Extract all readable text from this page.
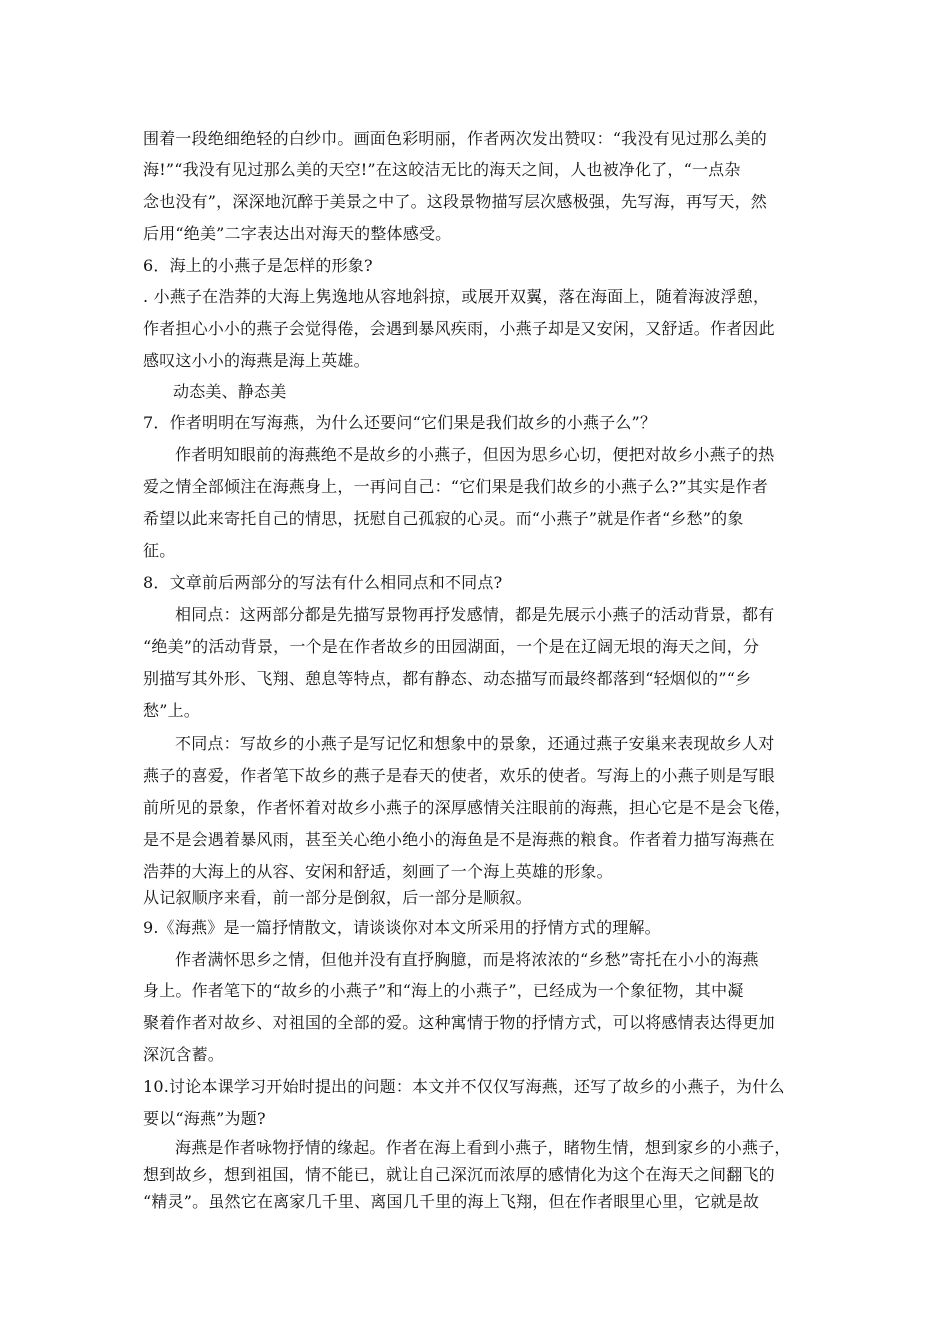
围着一段绝细绝轻的白纱巾。画面色彩明丽，作者两次发出赞叹：“我没有见过那么美的
海!”“我没有见过那么美的天空!”在这皎洁无比的海天之间，人也被净化了，“一点杂
念也没有”，深深地沉醉于美景之中了。这段景物描写层次感极强，先写海，再写天，然
后用“绝美”二字表达出对海天的整体感受。
6．海上的小燕子是怎样的形象?
. 小燕子在浩莽的大海上隽逸地从容地斜掠，或展开双翼，落在海面上，随着海波浮憩，
作者担心小小的燕子会觉得倦，会遇到暴风疾雨，小燕子却是又安闲，又舒适。作者因此
感叹这小小的海燕是海上英雄。
动态美、静态美
7．作者明明在写海燕，为什么还要问“它们果是我们故乡的小燕子么”？
作者明知眼前的海燕绝不是故乡的小燕子，但因为思乡心切，便把对故乡小燕子的热
爱之情全部倾注在海燕身上，一再问自己：“它们果是我们故乡的小燕子么?”其实是作者
希望以此来寄托自己的情思，抚慰自己孤寂的心灵。而“小燕子”就是作者“乡愁”的象
征。
8．文章前后两部分的写法有什么相同点和不同点?
相同点：这两部分都是先描写景物再抒发感情，都是先展示小燕子的活动背景，都有
“绝美”的活动背景，一个是在作者故乡的田园湖面，一个是在辽阔无垠的海天之间，分
别描写其外形、飞翔、憩息等特点，都有静态、动态描写而最终都落到“轻烟似的”“乡
愁”上。
不同点：写故乡的小燕子是写记忆和想象中的景象，还通过燕子安巢来表现故乡人对
燕子的喜爱，作者笔下故乡的燕子是春天的使者，欢乐的使者。写海上的小燕子则是写眼
前所见的景象，作者怀着对故乡小燕子的深厚感情关注眼前的海燕，担心它是不是会飞倦，
是不是会遇着暴风雨，甚至关心绝小绝小的海鱼是不是海燕的粮食。作者着力描写海燕在
浩莽的大海上的从容、安闲和舒适，刻画了一个海上英雄的形象。
从记叙顺序来看，前一部分是倒叙，后一部分是顺叙。
9.《海燕》是一篇抒情散文，请谈谈你对本文所采用的抒情方式的理解。
作者满怀思乡之情，但他并没有直抒胸臆，而是将浓浓的“乡愁”寄托在小小的海燕
身上。作者笔下的“故乡的小燕子”和“海上的小燕子”，已经成为一个象征物，其中凝
聚着作者对故乡、对祖国的全部的爱。这种寓情于物的抒情方式，可以将感情表达得更加
深沉含蓄。
10.讨论本课学习开始时提出的问题：本文并不仅仅写海燕，还写了故乡的小燕子，为什么
要以“海燕”为题?
海燕是作者咏物抒情的缘起。作者在海上看到小燕子，睹物生情，想到家乡的小燕子，
想到故乡，想到祖国，情不能已，就让自己深沉而浓厚的感情化为这个在海天之间翻飞的
“精灵”。虽然它在离家几千里、离国几千里的海上飞翔，但在作者眼里心里，它就是故
